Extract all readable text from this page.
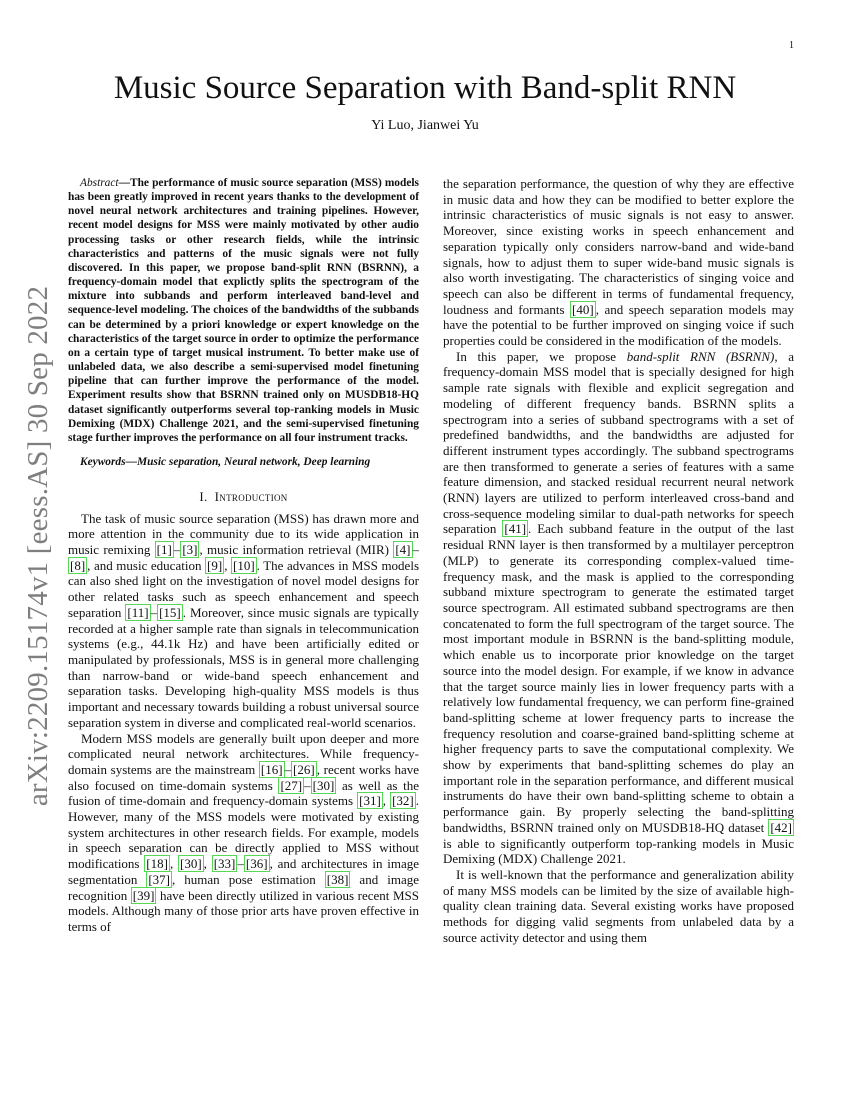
1
arXiv:2209.15174v1 [eess.AS] 30 Sep 2022
Music Source Separation with Band-split RNN
Yi Luo, Jianwei Yu

Abstract—The performance of music source separation (MSS) models has been greatly improved in recent years thanks to the development of novel neural network architectures and training pipelines. However, recent model designs for MSS were mainly motivated by other audio processing tasks or other research fields, while the intrinsic characteristics and patterns of the music signals were not fully discovered. In this paper, we propose band-split RNN (BSRNN), a frequency-domain model that explictly splits the spectrogram of the mixture into subbands and perform interleaved band-level and sequence-level modeling. The choices of the bandwidths of the subbands can be determined by a priori knowledge or expert knowledge on the characteristics of the target source in order to optimize the performance on a certain type of target musical instrument. To better make use of unlabeled data, we also describe a semi-supervised model finetuning pipeline that can further improve the performance of the model. Experiment results show that BSRNN trained only on MUSDB18-HQ dataset significantly outperforms several top-ranking models in Music Demixing (MDX) Challenge 2021, and the semi-supervised finetuning stage further improves the performance on all four instrument tracks.

Keywords—Music separation, Neural network, Deep learning

I. Introduction

The task of music source separation (MSS) has drawn more and more attention in the community due to its wide application in music remixing [1] – [3] , music information retrieval (MIR) [4] –[8] , and music education [9] , [10] . The advances in MSS models can also shed light on the investigation of novel model designs for other related tasks such as speech enhancement and speech separation [11] – [15] . Moreover, since music signals are typically recorded at a higher sample rate than signals in telecommunication systems (e.g., 44.1k Hz) and have been artificially edited or manipulated by professionals, MSS is in general more challenging than narrow-band or wide-band speech enhancement and separation tasks. Developing high-quality MSS models is thus important and necessary towards building a robust universal source separation system in diverse and complicated real-world scenarios.

Modern MSS models are generally built upon deeper and more complicated neural network architectures. While frequency-domain systems are the mainstream [16] – [26] , recent works have also focused on time-domain systems [27] – [30] as well as the fusion of time-domain and frequency-domain systems [31] , [32] . However, many of the MSS models were motivated by existing system architectures in other research fields. For example, models in speech separation can be directly applied to MSS without modifications [18] , [30] , [33] – [36] , and architectures in image segmentation [37] , human pose estimation [38] and image recognition [39] have been directly utilized in various recent MSS models. Although many of those prior arts have proven effective in terms of

the separation performance, the question of why they are effective in music data and how they can be modified to better explore the intrinsic characteristics of music signals is not easy to answer. Moreover, since existing works in speech enhancement and separation typically only considers narrow-band and wide-band signals, how to adjust them to super wide-band music signals is also worth investigating. The characteristics of singing voice and speech can also be different in terms of fundamental frequency, loudness and formants [40] , and speech separation models may have the potential to be further improved on singing voice if such properties could be considered in the modification of the models.

In this paper, we propose band-split RNN (BSRNN), a frequency-domain MSS model that is specially designed for high sample rate signals with flexible and explicit segregation and modeling of different frequency bands. BSRNN splits a spectrogram into a series of subband spectrograms with a set of predefined bandwidths, and the bandwidths are adjusted for different instrument types accordingly. The subband spectrograms are then transformed to generate a series of features with a same feature dimension, and stacked residual recurrent neural network (RNN) layers are utilized to perform interleaved cross-band and cross-sequence modeling similar to dual-path networks for speech separation [41] . Each subband feature in the output of the last residual RNN layer is then transformed by a multilayer perceptron (MLP) to generate its corresponding complex-valued time-frequency mask, and the mask is applied to the corresponding subband mixture spectrogram to generate the estimated target source spectrogram. All estimated subband spectrograms are then concatenated to form the full spectrogram of the target source. The most important module in BSRNN is the band-splitting module, which enable us to incorporate prior knowledge on the target source into the model design. For example, if we know in advance that the target source mainly lies in lower frequency parts with a relatively low fundamental frequency, we can perform fine-grained band-splitting scheme at lower frequency parts to increase the frequency resolution and coarse-grained band-splitting scheme at higher frequency parts to save the computational complexity. We show by experiments that band-splitting schemes do play an important role in the separation performance, and different musical instruments do have their own band-splitting scheme to obtain a performance gain. By properly selecting the band-splitting bandwidths, BSRNN trained only on MUSDB18-HQ dataset [42] is able to significantly outperform top-ranking models in Music Demixing (MDX) Challenge 2021.

It is well-known that the performance and generalization ability of many MSS models can be limited by the size of available high-quality clean training data. Several existing works have proposed methods for digging valid segments from unlabeled data by a source activity detector and using them
